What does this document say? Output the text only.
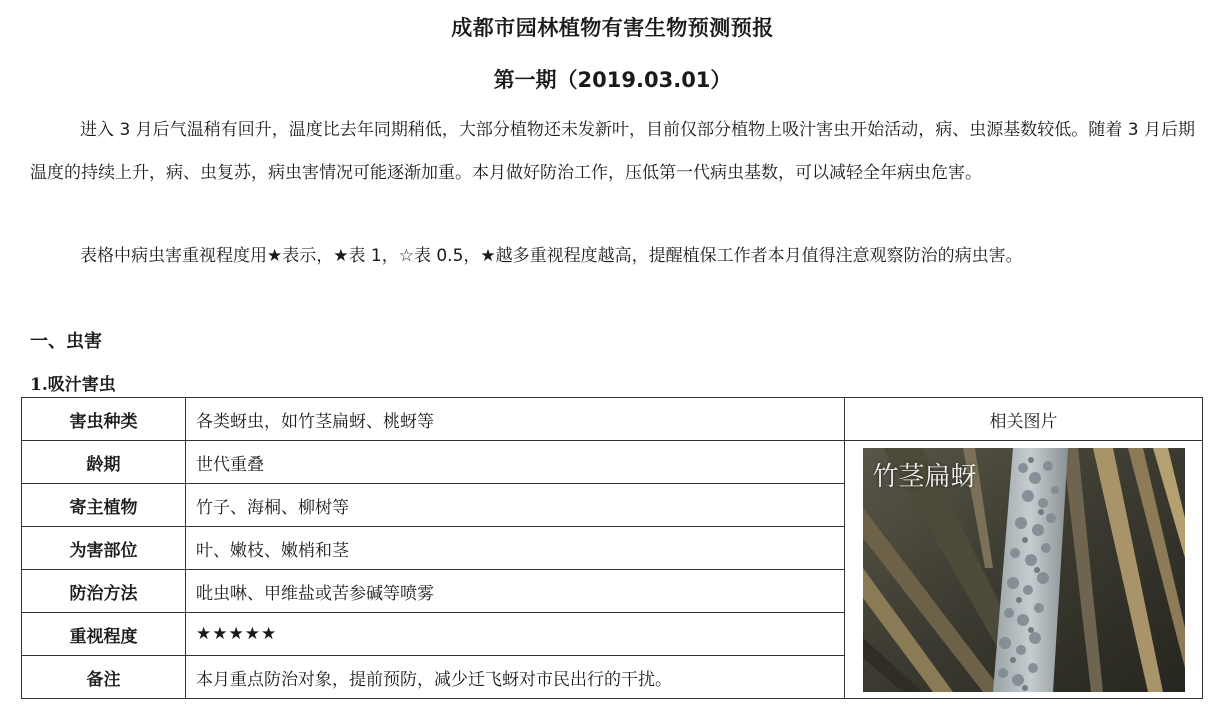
成都市园林植物有害生物预测预报
第一期（2019.03.01）
进入 3 月后气温稍有回升，温度比去年同期稍低，大部分植物还未发新叶，目前仅部分植物上吸汁害虫开始活动，病、虫源基数较低。随着 3 月后期温度的持续上升，病、虫复苏，病虫害情况可能逐渐加重。本月做好防治工作，压低第一代病虫基数，可以减轻全年病虫危害。
表格中病虫害重视程度用★表示，★表 1，☆表 0.5，★越多重视程度越高，提醒植保工作者本月值得注意观察防治的病虫害。
一、虫害
1.吸汁害虫
害虫种类	各类蚜虫，如竹茎扁蚜、桃蚜等	相关图片
龄期	世代重叠	竹茎扁蚜

寄主植物	竹子、海桐、柳树等	
为害部位	叶、嫩枝、嫩梢和茎	
防治方法	吡虫啉、甲维盐或苦参碱等喷雾	
重视程度	★★★★★	
备注	本月重点防治对象，提前预防，减少迁飞蚜对市民出行的干扰。	
